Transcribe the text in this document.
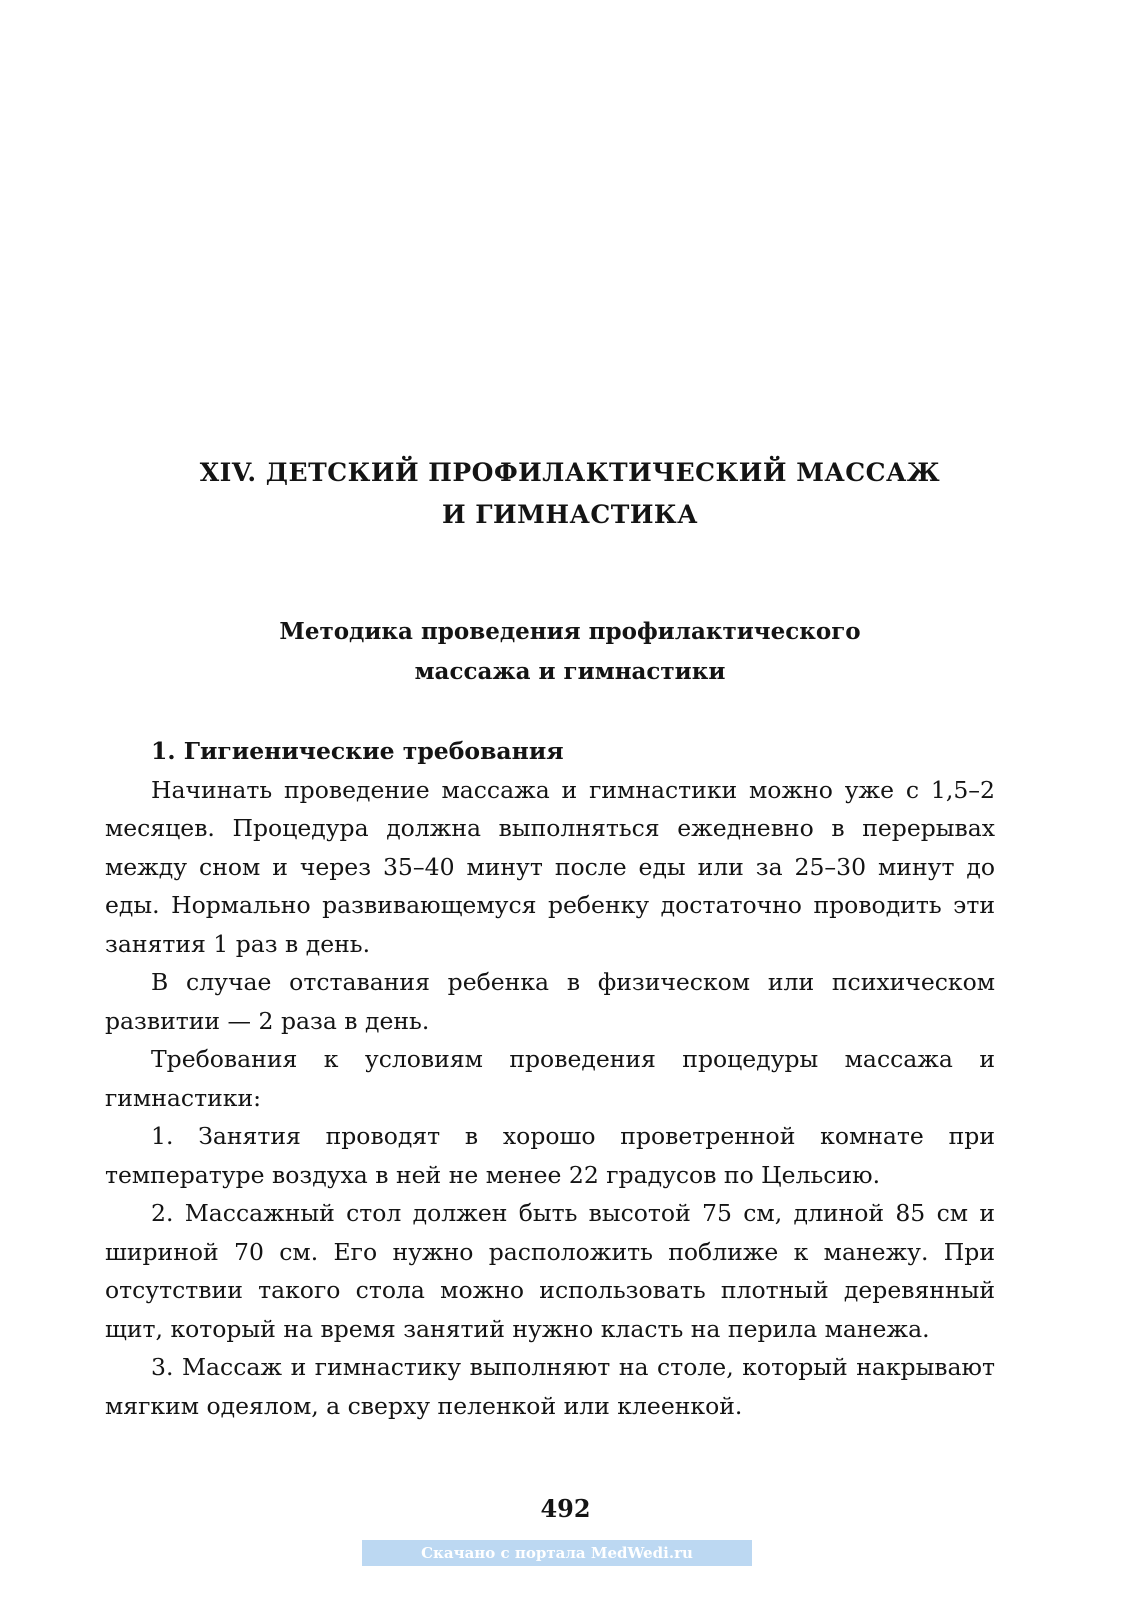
XIV. ДЕТСКИЙ ПРОФИЛАКТИЧЕСКИЙ МАССАЖ
И ГИМНАСТИКА
Методика проведения профилактического
массажа и гимнастики

1. Гигиенические требования

Начинать проведение массажа и гимнастики можно уже с 1,5–2 месяцев. Процедура должна выполняться ежедневно в перерывах между сном и через 35–40 минут после еды или за 25–30 минут до еды. Нормально развивающемуся ребенку достаточно проводить эти занятия 1 раз в день.

В случае отставания ребенка в физическом или психическом развитии — 2 раза в день.

Требования к условиям проведения процедуры массажа и гимнастики:

1. Занятия проводят в хорошо проветренной комнате при температуре воздуха в ней не менее 22 градусов по Цельсию.

2. Массажный стол должен быть высотой 75 см, длиной 85 см и шириной 70 см. Его нужно расположить поближе к манежу. При отсутствии такого стола можно использовать плотный деревянный щит, который на время занятий нужно класть на перила манежа.

3. Массаж и гимнастику выполняют на столе, который накрывают мягким одеялом, а сверху пеленкой или клеенкой.

492
Скачано с портала MedWedi.ru
